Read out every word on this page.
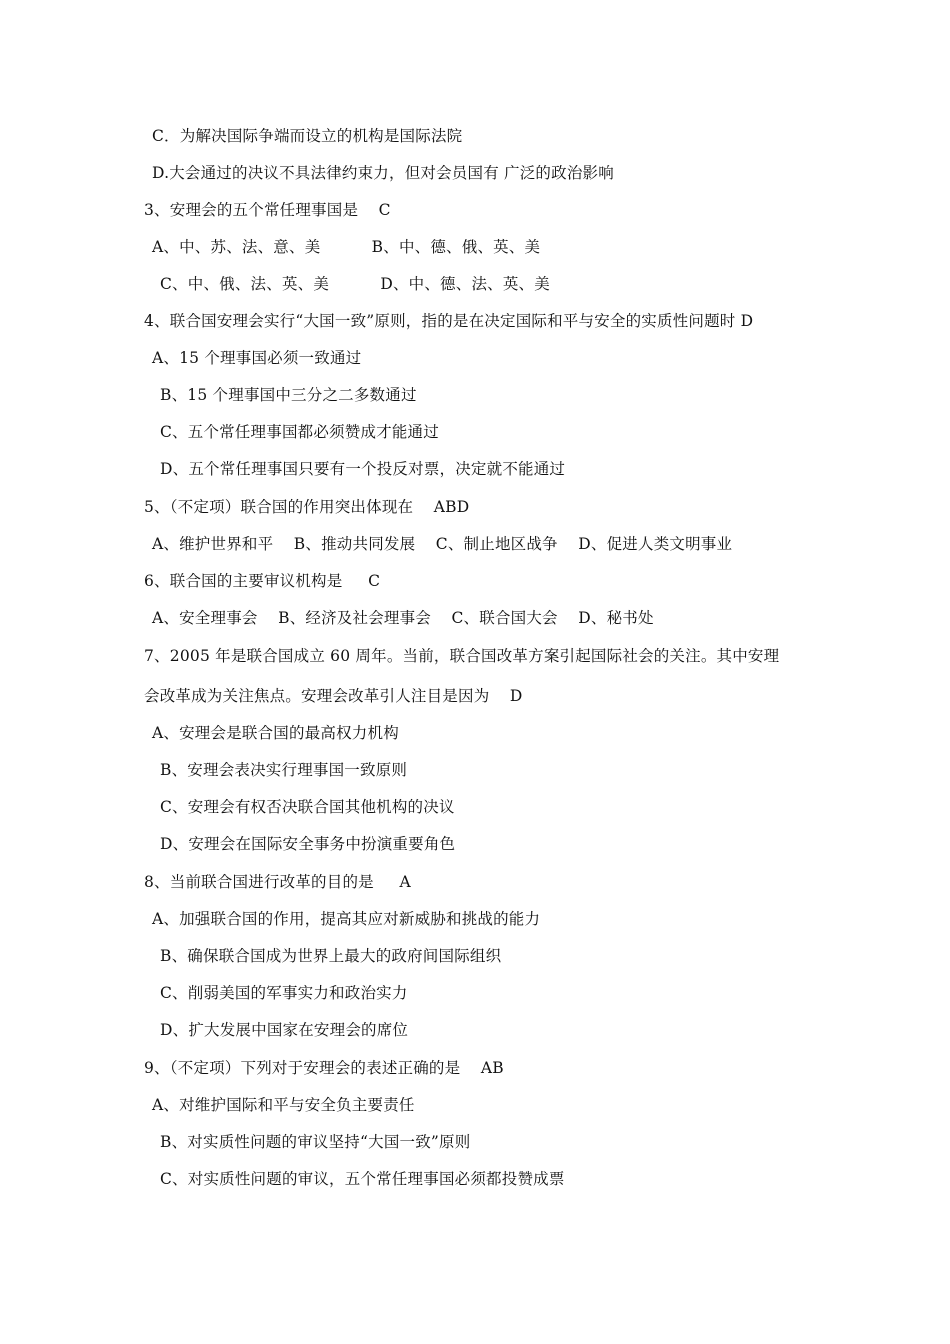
C．为解决国际争端而设立的机构是国际法院
D.大会通过的决议不具法律约束力，但对会员国有 广泛的政治影响
3、安理会的五个常任理事国是    C
A、中、苏、法、意、美          B、中、德、俄、英、美
C、中、俄、法、英、美          D、中、德、法、英、美
4、联合国安理会实行“大国一致”原则，指的是在决定国际和平与安全的实质性问题时 D
A、15 个理事国必须一致通过
B、15 个理事国中三分之二多数通过
C、五个常任理事国都必须赞成才能通过
D、五个常任理事国只要有一个投反对票，决定就不能通过
5、（不定项）联合国的作用突出体现在    ABD
A、维护世界和平    B、推动共同发展    C、制止地区战争    D、促进人类文明事业
6、联合国的主要审议机构是     C
A、安全理事会    B、经济及社会理事会    C、联合国大会    D、秘书处
7、2005 年是联合国成立 60 周年。当前，联合国改革方案引起国际社会的关注。其中安理
会改革成为关注焦点。安理会改革引人注目是因为    D
A、安理会是联合国的最高权力机构
B、安理会表决实行理事国一致原则
C、安理会有权否决联合国其他机构的决议
D、安理会在国际安全事务中扮演重要角色
8、当前联合国进行改革的目的是     A
A、加强联合国的作用，提高其应对新威胁和挑战的能力
B、确保联合国成为世界上最大的政府间国际组织
C、削弱美国的军事实力和政治实力
D、扩大发展中国家在安理会的席位
9、（不定项）下列对于安理会的表述正确的是    AB
A、对维护国际和平与安全负主要责任
B、对实质性问题的审议坚持“大国一致”原则
C、对实质性问题的审议，五个常任理事国必须都投赞成票
